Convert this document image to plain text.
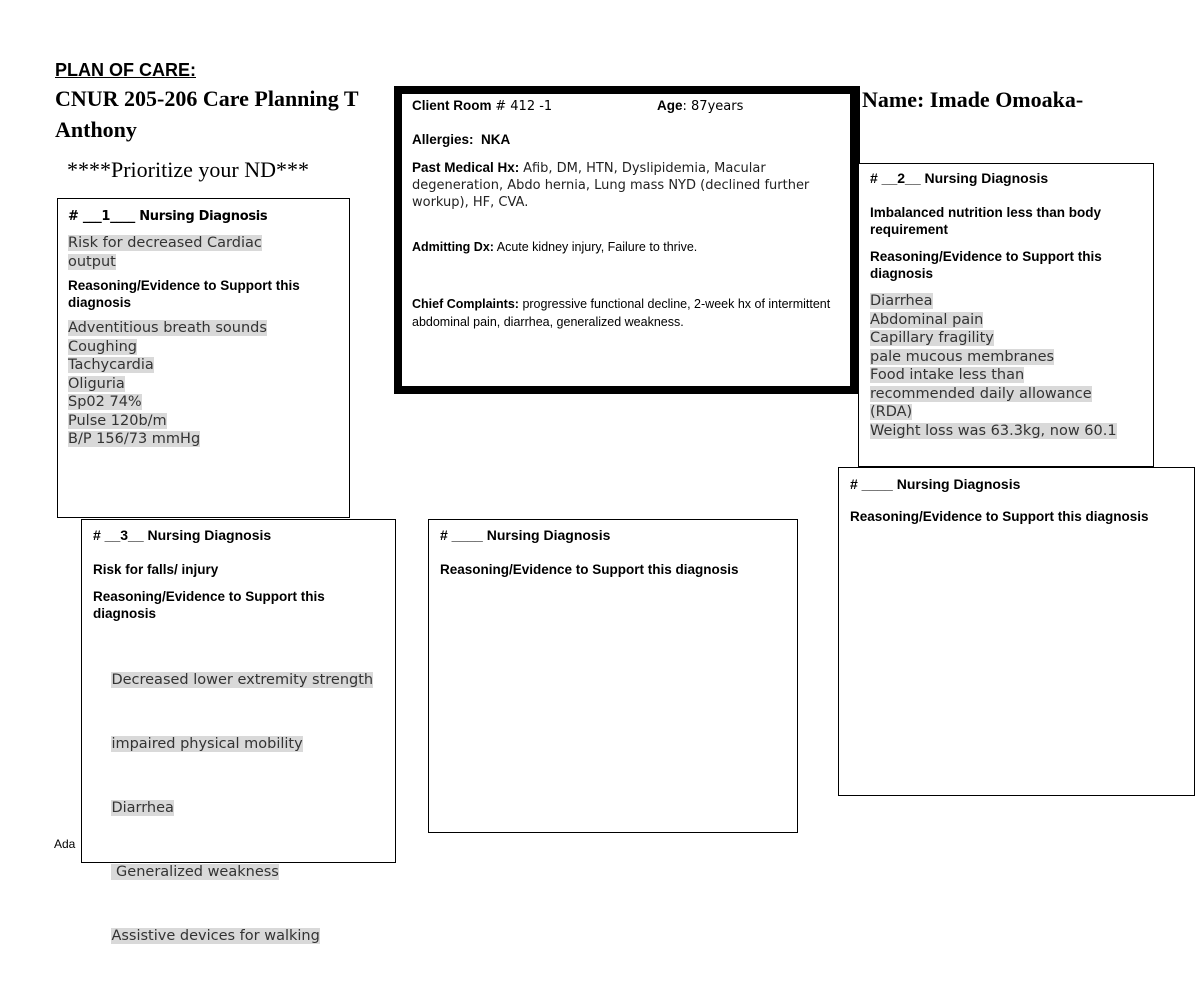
PLAN OF CARE:
CNUR 205-206 Care Planning T	Name: Imade Omoaka-
Anthony
****Prioritize your ND***
Ada
# ___1____ Nursing Diagnosis
Risk for decreased Cardiac
output
Reasoning/Evidence to Support this diagnosis
Adventitious breath sounds
Coughing
Tachycardia
Oliguria
Sp02 74%
Pulse 120b/m
B/P 156/73 mmHg
Client Room # 412 -1	Age: 87years
Allergies: NKA
Past Medical Hx: Afib, DM, HTN, Dyslipidemia, Macular degeneration, Abdo hernia, Lung mass NYD (declined further workup), HF, CVA.
Admitting Dx: Acute kidney injury, Failure to thrive.
Chief Complaints: progressive functional decline, 2-week hx of intermittent abdominal pain, diarrhea, generalized weakness.
# __2__ Nursing Diagnosis
Imbalanced nutrition less than body requirement
Reasoning/Evidence to Support this diagnosis
Diarrhea
Abdominal pain
Capillary fragility
pale mucous membranes
Food intake less than
recommended daily allowance
(RDA)
Weight loss was 63.3kg, now 60.1
# ____ Nursing Diagnosis
Reasoning/Evidence to Support this diagnosis
# __3__ Nursing Diagnosis
Risk for falls/ injury
Reasoning/Evidence to Support this diagnosis

Decreased lower extremity strength

impaired physical mobility

Diarrhea

Generalized weakness

Assistive devices for walking

# ____ Nursing Diagnosis
Reasoning/Evidence to Support this diagnosis
